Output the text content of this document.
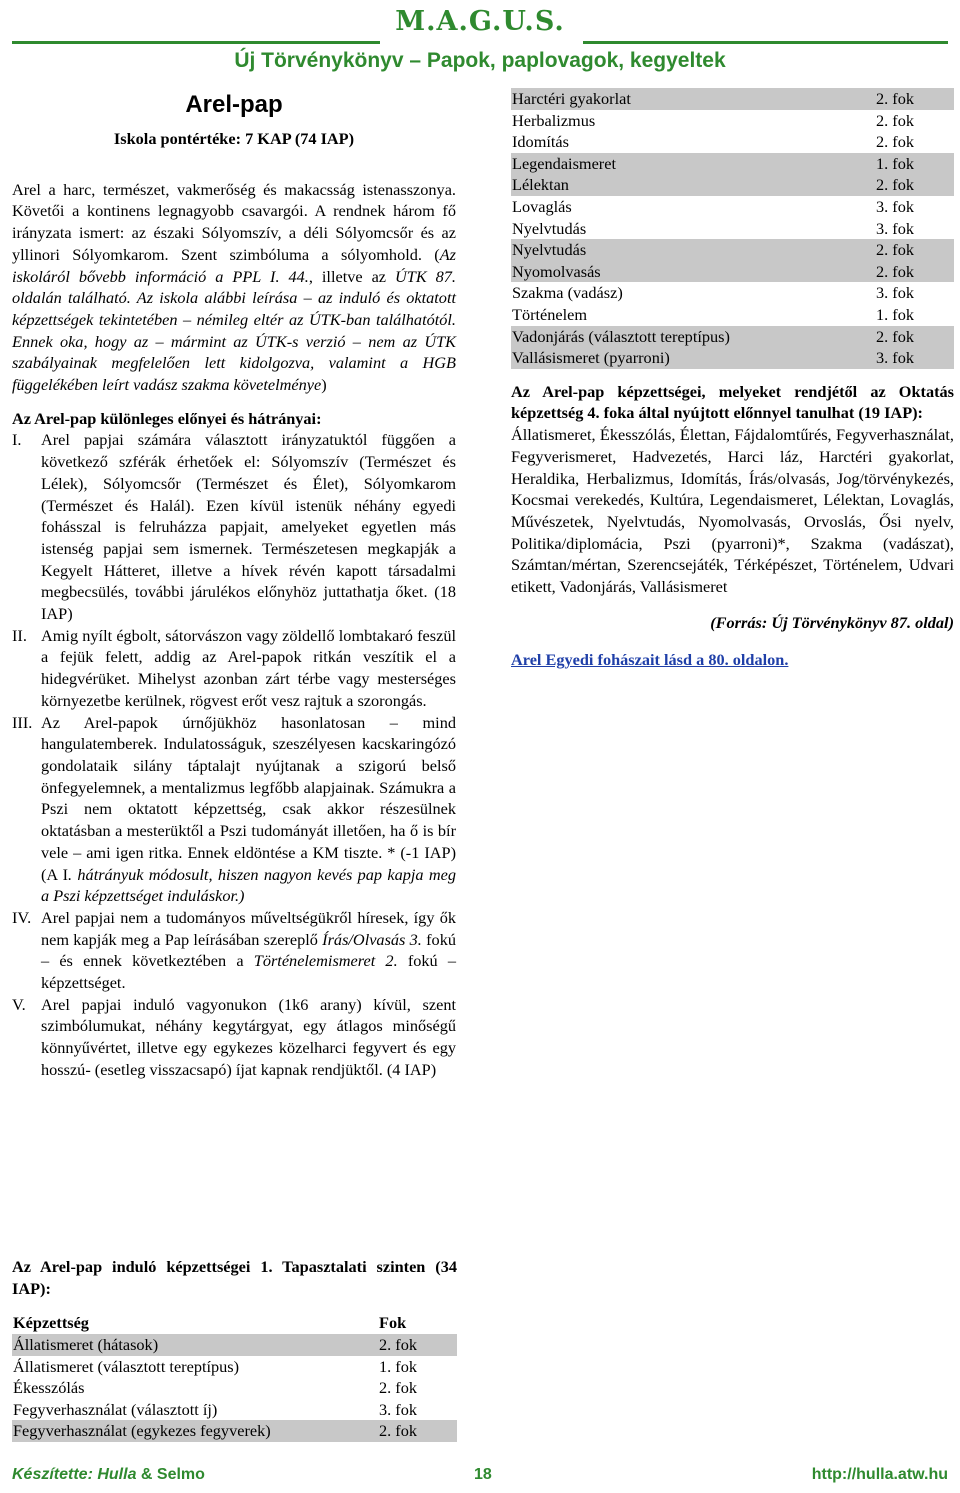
M.A.G.U.S.
Új Törvénykönyv – Papok, paplovagok, kegyeltek
Arel-pap
Iskola pontértéke: 7 KAP (74 IAP)

Arel a harc, természet, vakmerőség és makacsság istenasszonya. Követői a kontinens legnagyobb csavargói. A rendnek három fő irányzata ismert: az északi Sólyomszív, a déli Sólyomcsőr és az yllinori Sólyomkarom. Szent szimbóluma a sólyomhold. (Az iskoláról bővebb információ a PPL I. 44., illetve az ÚTK 87. oldalán található. Az iskola alábbi leírása – az induló és oktatott képzettségek tekintetében – némileg eltér az ÚTK-ban találhatótól. Ennek oka, hogy az – mármint az ÚTK-s verzió – nem az ÚTK szabályainak megfelelően lett kidolgozva, valamint a HGB függelékében leírt vadász szakma követelménye)

Az Arel-pap különleges előnyei és hátrányai:
I.	Arel papjai számára választott irányzatuktól függően a következő szférák érhetőek el: Sólyomszív (Természet és Lélek), Sólyomcsőr (Természet és Élet), Sólyomkarom (Természet és Halál). Ezen kívül istenük néhány egyedi fohásszal is felruházza papjait, amelyeket egyetlen más istenség papjai sem ismernek. Természetesen megkapják a Kegyelt Hátteret, illetve a hívek révén kapott társadalmi megbecsülés, további járulékos előnyhöz juttathatja őket. (18 IAP)
II. Amig nyílt égbolt, sátorvászon vagy zöldellő lombtakaró feszül a fejük felett, addig az Arel-papok ritkán veszítik el a hidegvérüket. Mihelyst azonban zárt térbe vagy mesterséges környezetbe kerülnek, rögvest erőt vesz rajtuk a szorongás.
III. Az Arel-papok úrnőjükhöz hasonlatosan – mind hangulatemberek. Indulatosságuk, szeszélyesen kacskaringózó gondolataik silány táptalajt nyújtanak a szigorú belső önfegyelemnek, a mentalizmus legfőbb alapjainak. Számukra a Pszi nem oktatott képzettség, csak akkor részesülnek oktatásban a mesterüktől a Pszi tudományát illetően, ha ő is bír vele – ami igen ritka. Ennek eldöntése a KM tiszte. * (-1 IAP) (A I. hátrányuk módosult, hiszen nagyon kevés pap kapja meg a Pszi képzettséget induláskor.)
IV. Arel papjai nem a tudományos műveltségükről híresek, így ők nem kapják meg a Pap leírásában szereplő Írás/Olvasás 3. fokú – és ennek következtében a Történelemismeret 2. fokú – képzettséget.
V. Arel papjai induló vagyonukon (1k6 arany) kívül, szent szimbólumukat, néhány kegytárgyat, egy átlagos minőségű könnyűvértet, illetve egy egykezes közelharci fegyvert és egy hosszú- (esetleg visszacsapó) íjat kapnak rendjüktől. (4 IAP)

Az Arel-pap induló képzettségei 1. Tapasztalati szinten (34 IAP):

Képzettség	Fok
Állatismeret (hátasok)	2. fok
Állatismeret (választott tereptípus)	1. fok
Ékesszólás	2. fok
Fegyverhasználat (választott íj)	3. fok
Fegyverhasználat (egykezes fegyverek)	2. fok
Harctéri gyakorlat	2. fok
Herbalizmus	2. fok
Idomítás	2. fok
Legendaismeret	1. fok
Lélektan	2. fok
Lovaglás	3. fok
Nyelvtudás	3. fok
Nyelvtudás	2. fok
Nyomolvasás	2. fok
Szakma (vadász)	3. fok
Történelem	1. fok
Vadonjárás (választott tereptípus)	2. fok
Vallásismeret (pyarroni)	3. fok

Az Arel-pap képzettségei, melyeket rendjétől az Oktatás képzettség 4. foka által nyújtott előnnyel tanulhat (19 IAP):

Állatismeret, Ékesszólás, Élettan, Fájdalomtűrés, Fegyverhasználat, Fegyverismeret, Hadvezetés, Harci láz, Harctéri gyakorlat, Heraldika, Herbalizmus, Idomítás, Írás/olvasás, Jog/törvénykezés, Kocsmai verekedés, Kultúra, Legendaismeret, Lélektan, Lovaglás, Művészetek, Nyelvtudás, Nyomolvasás, Orvoslás, Ősi nyelv, Politika/diplomácia, Pszi (pyarroni)*, Szakma (vadászat), Számtan/mértan, Szerencsejáték, Térképészet, Történelem, Udvari etikett, Vadonjárás, Vallásismeret

(Forrás: Új Törvénykönyv 87. oldal)
Arel Egyedi fohászait lásd a 80. oldalon.
Készítette: Hulla & Selmo	18	http://hulla.atw.hu
